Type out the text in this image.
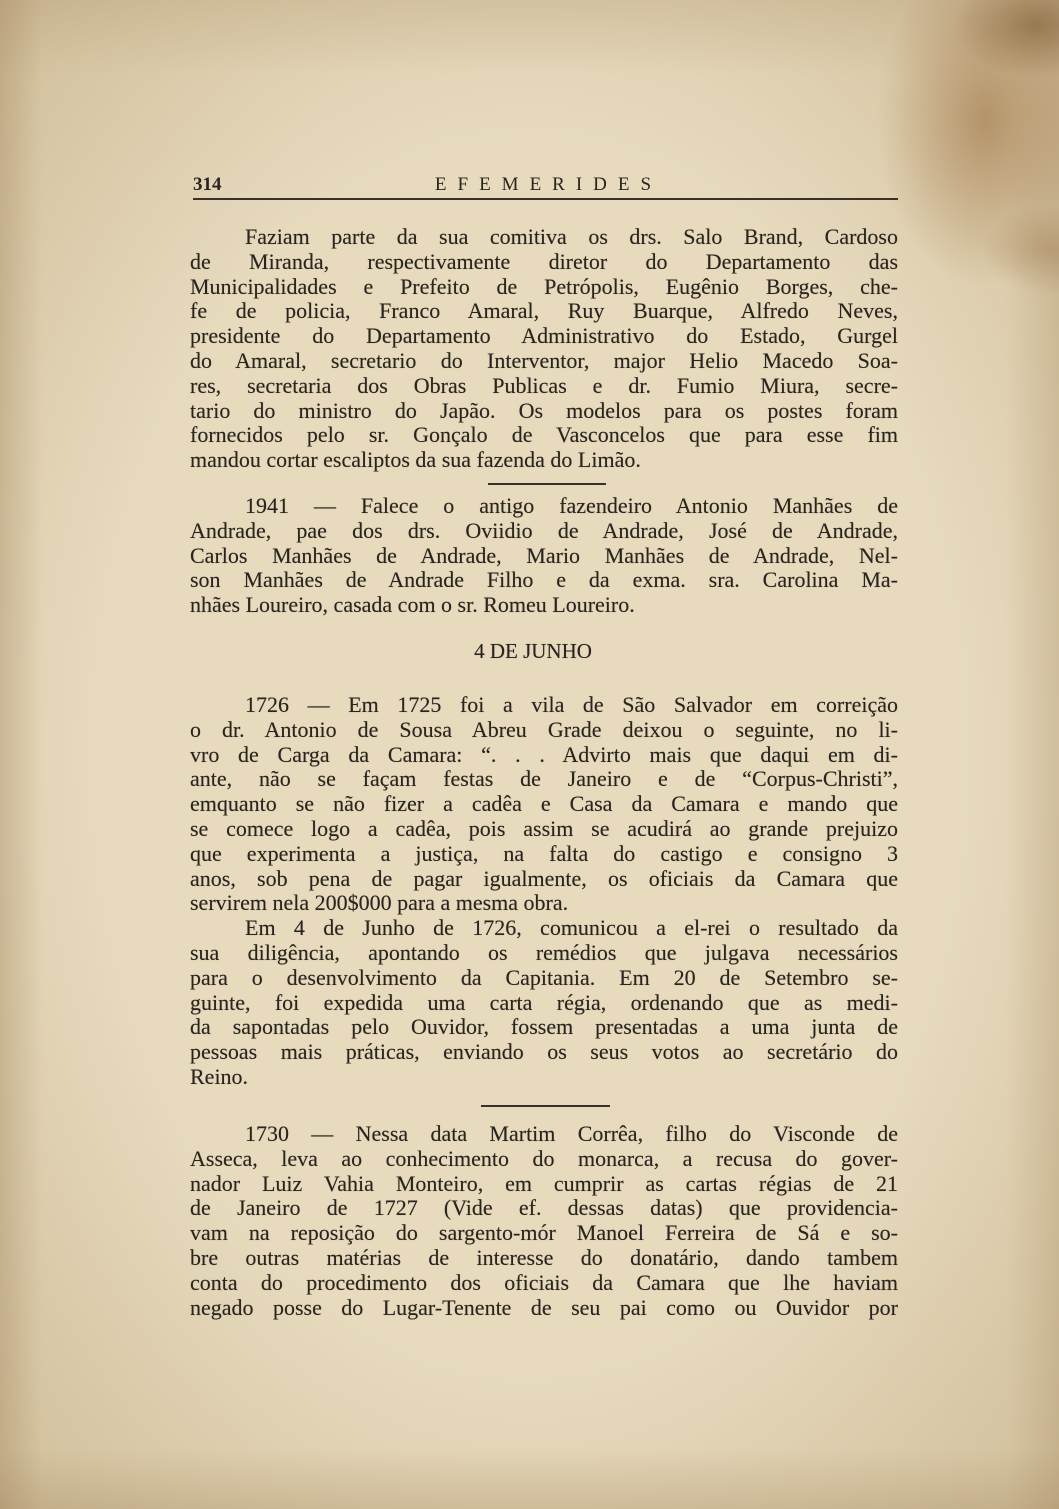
314	EFEMERIDES
Faziam parte da sua comitiva os drs. Salo Brand, Cardoso
de Miranda, respectivamente diretor do Departamento das
Municipalidades e Prefeito de Petrópolis, Eugênio Borges, che-
fe de policia, Franco Amaral, Ruy Buarque, Alfredo Neves,
presidente do Departamento Administrativo do Estado, Gurgel
do Amaral, secretario do Interventor, major Helio Macedo Soa-
res, secretaria dos Obras Publicas e dr. Fumio Miura, secre-
tario do ministro do Japão. Os modelos para os postes foram
fornecidos pelo sr. Gonçalo de Vasconcelos que para esse fim
mandou cortar escaliptos da sua fazenda do Limão.
1941 — Falece o antigo fazendeiro Antonio Manhães de
Andrade, pae dos drs. Oviidio de Andrade, José de Andrade,
Carlos Manhães de Andrade, Mario Manhães de Andrade, Nel-
son Manhães de Andrade Filho e da exma. sra. Carolina Ma-
nhães Loureiro, casada com o sr. Romeu Loureiro.
4 DE JUNHO
1726 — Em 1725 foi a vila de São Salvador em correição
o dr. Antonio de Sousa Abreu Grade deixou o seguinte, no li-
vro de Carga da Camara: “. . . Advirto mais que daqui em di-
ante, não se façam festas de Janeiro e de “Corpus-Christi”,
emquanto se não fizer a cadêa e Casa da Camara e mando que
se comece logo a cadêa, pois assim se acudirá ao grande prejuizo
que experimenta a justiça, na falta do castigo e consigno 3
anos, sob pena de pagar igualmente, os oficiais da Camara que
servirem nela 200$000 para a mesma obra.
Em 4 de Junho de 1726, comunicou a el-rei o resultado da
sua diligência, apontando os remédios que julgava necessários
para o desenvolvimento da Capitania. Em 20 de Setembro se-
guinte, foi expedida uma carta régia, ordenando que as medi-
da sapontadas pelo Ouvidor, fossem presentadas a uma junta de
pessoas mais práticas, enviando os seus votos ao secretário do
Reino.
1730 — Nessa data Martim Corrêa, filho do Visconde de
Asseca, leva ao conhecimento do monarca, a recusa do gover-
nador Luiz Vahia Monteiro, em cumprir as cartas régias de 21
de Janeiro de 1727 (Vide ef. dessas datas) que providencia-
vam na reposição do sargento-mór Manoel Ferreira de Sá e so-
bre outras matérias de interesse do donatário, dando tambem
conta do procedimento dos oficiais da Camara que lhe haviam
negado posse do Lugar-Tenente de seu pai como ou Ouvidor por
